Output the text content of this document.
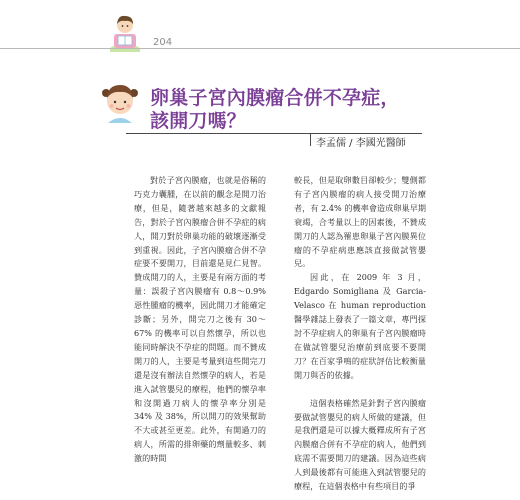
204
卵巢子宮內膜瘤合併不孕症，
該開刀嗎？
李孟儒 / 李國光醫師

對於子宮內膜瘤，也就是俗稱的巧克力囊腫，在以前的觀念是開刀治療，但是，隨著越來越多的文獻報告，對於子宮內膜瘤合併不孕症的病人，開刀對於卵巢功能的破壞逐漸受到重視。因此，子宮內膜瘤合併不孕症要不要開刀，目前還是見仁見智。贊成開刀的人，主要是有兩方面的考量：誤殺子宮內膜瘤有 0.8～0.9% 惡性腫瘤的機率，因此開刀才能確定診斷；另外，開完刀之後有 30～67% 的機率可以自然懷孕，所以也能同時解決不孕症的問題。而不贊成開刀的人，主要是考量到這些開完刀還是沒有辦法自然懷孕的病人，若是進入試管嬰兒的療程，他們的懷孕率和沒開過刀病人的懷孕率分別是 34% 及 38%，所以開刀的效果幫助不大或甚至更差。此外，有開過刀的病人，所需的排卵藥的劑量較多、刺激的時間

較長，但是取卵數目卻較少；雙側都有子宮內膜瘤的病人接受開刀治療者，有 2.4% 的機率會造成卵巢早期衰竭，合考量以上的因素後，不贊成開刀的人認為罹患卵巢子宮內膜異位瘤的不孕症病患應該直接做試管嬰兒。

因此，在 2009 年 3 月，Edgardo Somigliana 及 Garcia-Velasco 在 human reproduction 醫學雜誌上發表了一篇文章，專門探討不孕症病人的卵巢有子宮內膜瘤時在做試管嬰兒治療前到底要不要開刀？在百家爭鳴的症狀評估比較衡量開刀與否的依據。

這個表格確然是針對子宮內膜瘤要做試管嬰兒的病人所做的建議，但是我們還是可以據大概釋成所有子宮內膜瘤合併有不孕症的病人，他們到底需不需要開刀的建議。因為這些病人到最後都有可能進入到試管嬰兒的療程，在這個表格中有些項目的爭
